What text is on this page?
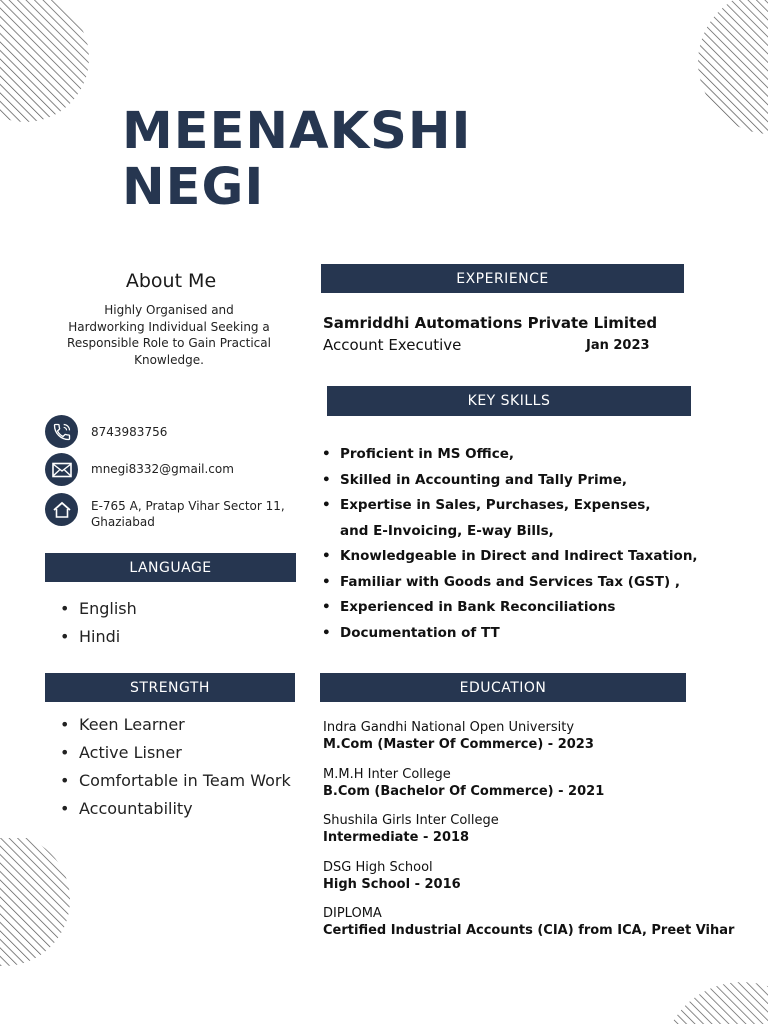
MEENAKSHI
NEGI
About Me

Highly Organised and
Hardworking Individual Seeking a
Responsible Role to Gain Practical
Knowledge.

8743983756
mnegi8332@gmail.com
E-765 A, Pratap Vihar Sector 11,
Ghaziabad
LANGUAGE
• English
• Hindi
STRENGTH
• Keen Learner
• Active Lisner
• Comfortable in Team Work
• Accountability
EXPERIENCE
Samriddhi Automations Private Limited
Account Executive	Jan 2023
KEY SKILLS
• Proficient in MS Office,
• Skilled in Accounting and Tally Prime,
• Expertise in Sales, Purchases, Expenses,
and E-Invoicing, E-way Bills,
• Knowledgeable in Direct and Indirect Taxation,
• Familiar with Goods and Services Tax (GST) ,
• Experienced in Bank Reconciliations
• Documentation of TT
EDUCATION
Indra Gandhi National Open University
M.Com (Master Of Commerce) - 2023
M.M.H Inter College
B.Com (Bachelor Of Commerce) - 2021
Shushila Girls Inter College
Intermediate - 2018
DSG High School
High School - 2016
DIPLOMA
Certified Industrial Accounts (CIA) from ICA, Preet Vihar
